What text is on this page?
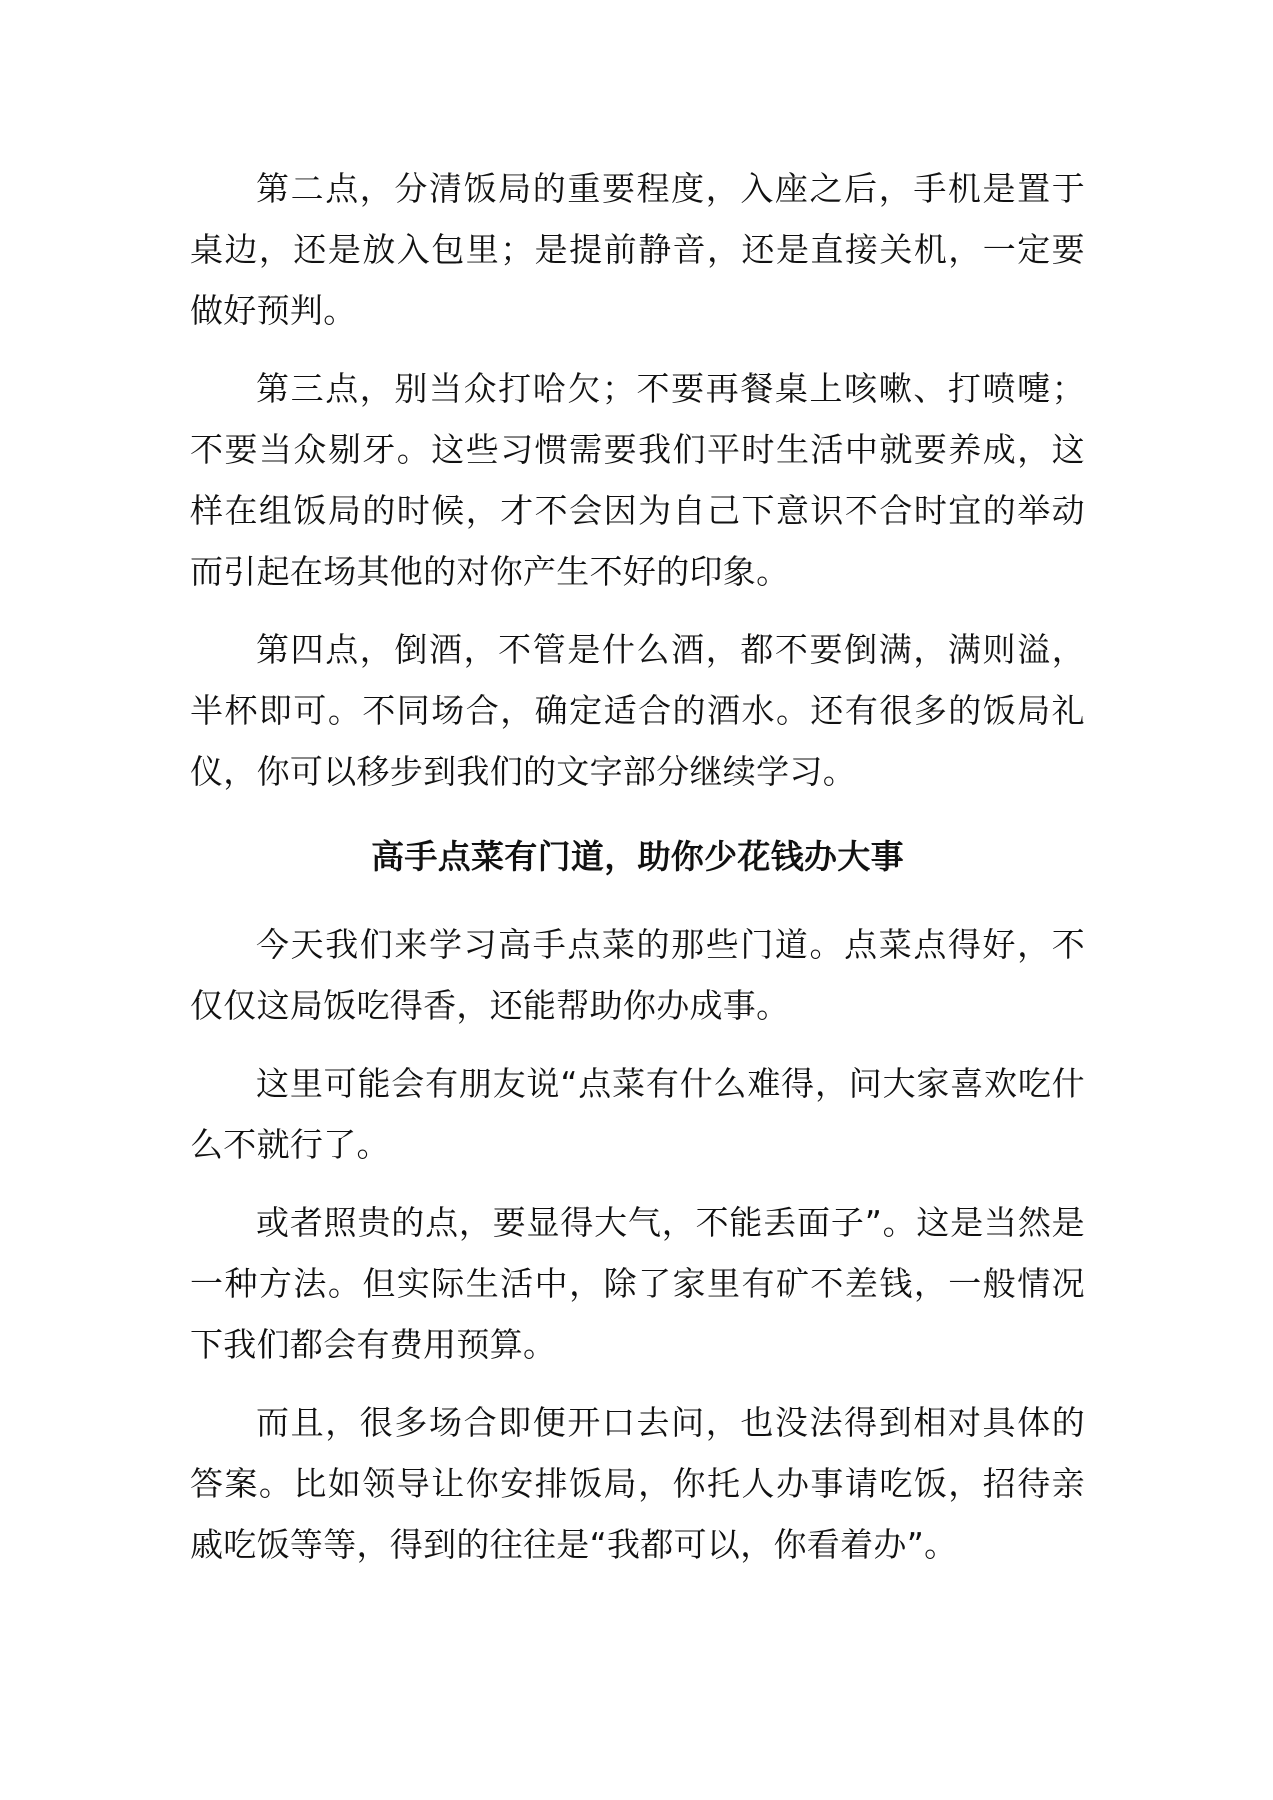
第二点，分清饭局的重要程度，入座之后，手机是置于桌边，还是放入包里；是提前静音，还是直接关机，一定要做好预判。

第三点，别当众打哈欠；不要再餐桌上咳嗽、打喷嚏；不要当众剔牙。这些习惯需要我们平时生活中就要养成，这样在组饭局的时候，才不会因为自己下意识不合时宜的举动而引起在场其他的对你产生不好的印象。

第四点，倒酒，不管是什么酒，都不要倒满，满则溢，半杯即可。不同场合，确定适合的酒水。还有很多的饭局礼仪，你可以移步到我们的文字部分继续学习。

高手点菜有门道，助你少花钱办大事

今天我们来学习高手点菜的那些门道。点菜点得好，不仅仅这局饭吃得香，还能帮助你办成事。

这里可能会有朋友说“点菜有什么难得，问大家喜欢吃什么不就行了。

或者照贵的点，要显得大气，不能丢面子”。这是当然是一种方法。但实际生活中，除了家里有矿不差钱，一般情况下我们都会有费用预算。

而且，很多场合即便开口去问，也没法得到相对具体的答案。比如领导让你安排饭局，你托人办事请吃饭，招待亲戚吃饭等等，得到的往往是“我都可以，你看着办”。
